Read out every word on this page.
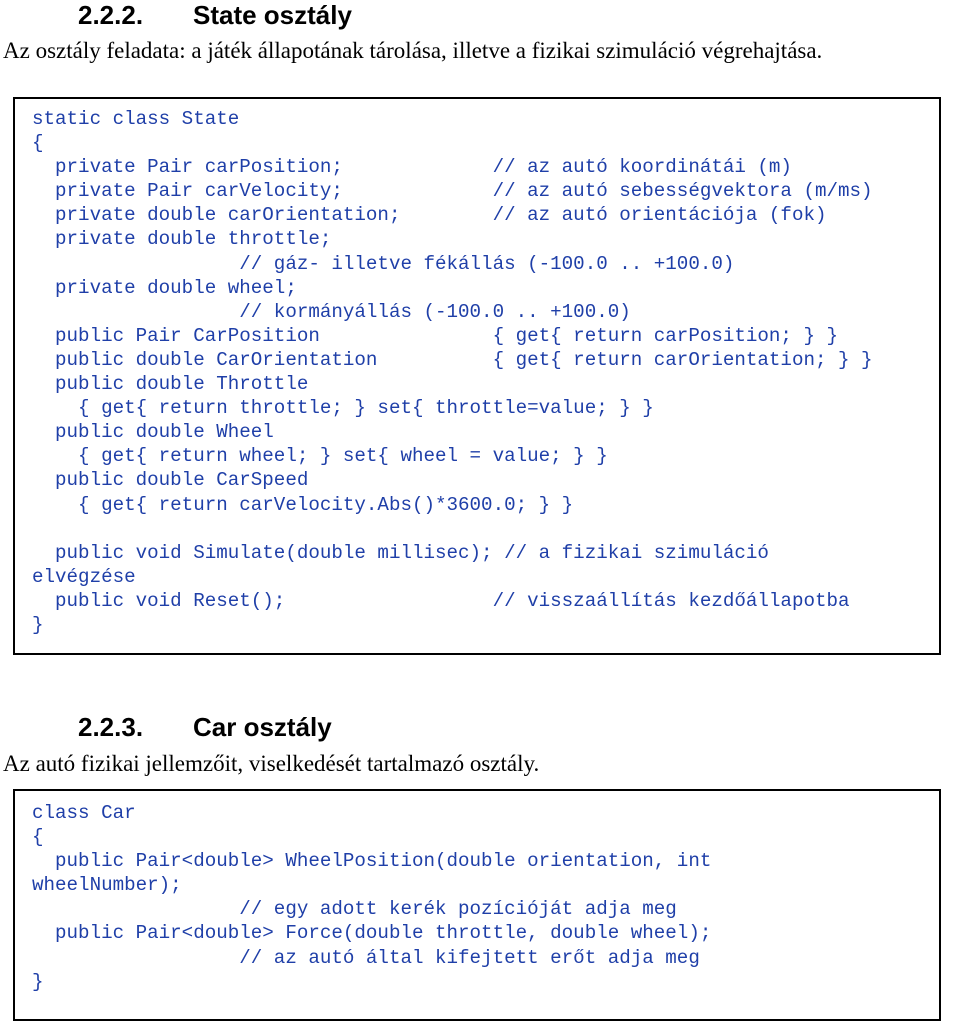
2.2.2. State osztály

Az osztály feladata: a játék állapotának tárolása, illetve a fizikai szimuláció végrehajtása.

static class State
{
private Pair carPosition;             // az autó koordinátái (m)
private Pair carVelocity;             // az autó sebességvektora (m/ms)
private double carOrientation;        // az autó orientációja (fok)
private double throttle;
// gáz- illetve fékállás (-100.0 .. +100.0)
private double wheel;
// kormányállás (-100.0 .. +100.0)
public Pair CarPosition               { get{ return carPosition; } }
public double CarOrientation          { get{ return carOrientation; } }
public double Throttle
{ get{ return throttle; } set{ throttle=value; } }
public double Wheel
{ get{ return wheel; } set{ wheel = value; } }
public double CarSpeed
{ get{ return carVelocity.Abs()*3600.0; } }

public void Simulate(double millisec); // a fizikai szimuláció
elvégzése
public void Reset();                  // visszaállítás kezdőállapotba
}
2.2.3. Car osztály

Az autó fizikai jellemzőit, viselkedését tartalmazó osztály.

class Car
{
public Pair<double> WheelPosition(double orientation, int
wheelNumber);
// egy adott kerék pozícióját adja meg
public Pair<double> Force(double throttle, double wheel);
// az autó által kifejtett erőt adja meg
}
